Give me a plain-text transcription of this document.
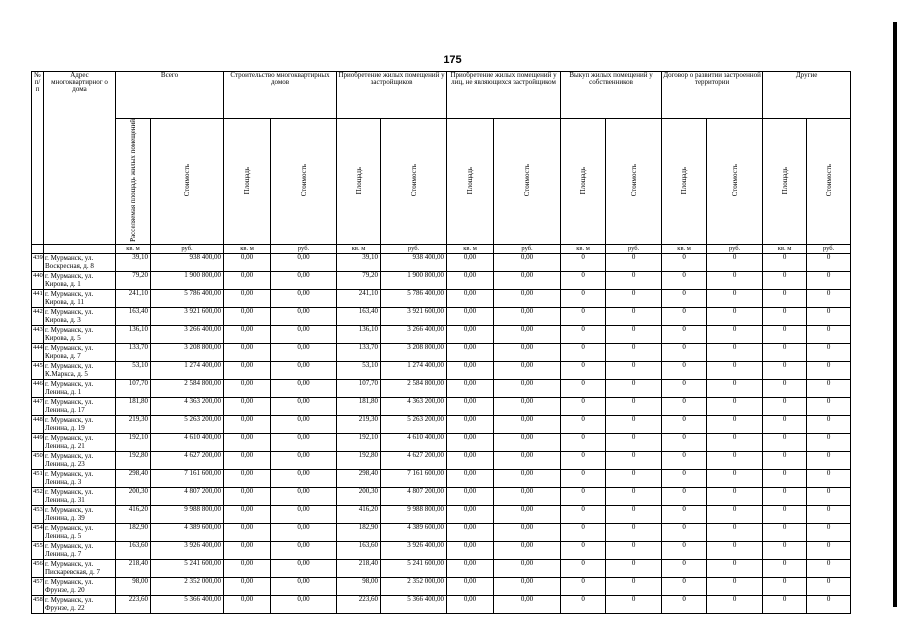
175
№ п/п	Адрес многоквартирног о дома	Всего		Строительство многоквартирных домов		Приобретение жилых помещений у застройщиков		Приобретение жилых помещений у лиц, не являющихся застройщиком		Выкуп жилых помещений у собственников		Договор о развитии застроенной территории		Другие	
		Расселяемая площадь жилых помещений	Стоимость	Площадь	Стоимость	Площадь	Стоимость	Площадь	Стоимость	Площадь	Стоимость	Площадь	Стоимость	Площадь	Стоимость
		кв. м	руб.	кв. м	руб.	кв. м	руб.	кв. м	руб.	кв. м	руб.	кв. м	руб.	кв. м	руб.
439	г. Мурманск, ул.
Воскресная, д. 8	39,10	938 400,00	0,00	0,00	39,10	938 400,00	0,00	0,00	0	0	0	0	0	0
440	г. Мурманск, ул.
Кирова, д. 1	79,20	1 900 800,00	0,00	0,00	79,20	1 900 800,00	0,00	0,00	0	0	0	0	0	0
441	г. Мурманск, ул.
Кирова, д. 11	241,10	5 786 400,00	0,00	0,00	241,10	5 786 400,00	0,00	0,00	0	0	0	0	0	0
442	г. Мурманск, ул.
Кирова, д. 3	163,40	3 921 600,00	0,00	0,00	163,40	3 921 600,00	0,00	0,00	0	0	0	0	0	0
443	г. Мурманск, ул.
Кирова, д. 5	136,10	3 266 400,00	0,00	0,00	136,10	3 266 400,00	0,00	0,00	0	0	0	0	0	0
444	г. Мурманск, ул.
Кирова, д. 7	133,70	3 208 800,00	0,00	0,00	133,70	3 208 800,00	0,00	0,00	0	0	0	0	0	0
445	г. Мурманск, ул.
К.Маркса, д. 5	53,10	1 274 400,00	0,00	0,00	53,10	1 274 400,00	0,00	0,00	0	0	0	0	0	0
446	г. Мурманск, ул.
Ленина, д. 1	107,70	2 584 800,00	0,00	0,00	107,70	2 584 800,00	0,00	0,00	0	0	0	0	0	0
447	г. Мурманск, ул.
Ленина, д. 17	181,80	4 363 200,00	0,00	0,00	181,80	4 363 200,00	0,00	0,00	0	0	0	0	0	0
448	г. Мурманск, ул.
Ленина, д. 19	219,30	5 263 200,00	0,00	0,00	219,30	5 263 200,00	0,00	0,00	0	0	0	0	0	0
449	г. Мурманск, ул.
Ленина, д. 21	192,10	4 610 400,00	0,00	0,00	192,10	4 610 400,00	0,00	0,00	0	0	0	0	0	0
450	г. Мурманск, ул.
Ленина, д. 23	192,80	4 627 200,00	0,00	0,00	192,80	4 627 200,00	0,00	0,00	0	0	0	0	0	0
451	г. Мурманск, ул.
Ленина, д. 3	298,40	7 161 600,00	0,00	0,00	298,40	7 161 600,00	0,00	0,00	0	0	0	0	0	0
452	г. Мурманск, ул.
Ленина, д. 31	200,30	4 807 200,00	0,00	0,00	200,30	4 807 200,00	0,00	0,00	0	0	0	0	0	0
453	г. Мурманск, ул.
Ленина, д. 39	416,20	9 988 800,00	0,00	0,00	416,20	9 988 800,00	0,00	0,00	0	0	0	0	0	0
454	г. Мурманск, ул.
Ленина, д. 5	182,90	4 389 600,00	0,00	0,00	182,90	4 389 600,00	0,00	0,00	0	0	0	0	0	0
455	г. Мурманск, ул.
Ленина, д. 7	163,60	3 926 400,00	0,00	0,00	163,60	3 926 400,00	0,00	0,00	0	0	0	0	0	0
456	г. Мурманск, ул.
Пискаревская, д. 7	218,40	5 241 600,00	0,00	0,00	218,40	5 241 600,00	0,00	0,00	0	0	0	0	0	0
457	г. Мурманск, ул.
Фрунзе, д. 20	98,00	2 352 000,00	0,00	0,00	98,00	2 352 000,00	0,00	0,00	0	0	0	0	0	0
458	г. Мурманск, ул.
Фрунзе, д. 22	223,60	5 366 400,00	0,00	0,00	223,60	5 366 400,00	0,00	0,00	0	0	0	0	0	0
